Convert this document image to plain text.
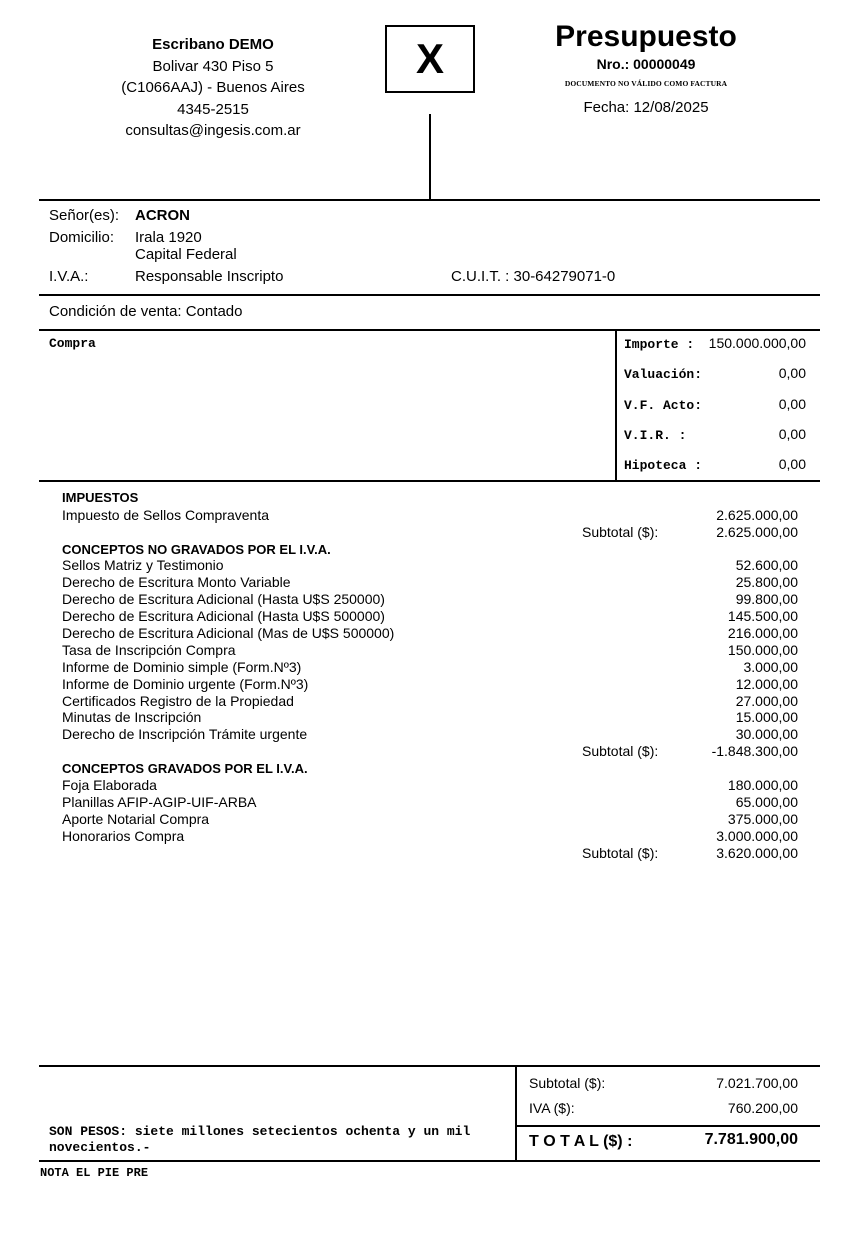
Escribano DEMO
Bolivar 430 Piso 5
(C1066AAJ) - Buenos Aires
4345-2515
consultas@ingesis.com.ar
X	Presupuesto
Nro.: 00000049
DOCUMENTO NO VÁLIDO COMO FACTURA
Fecha: 12/08/2025
Señor(es): ACRON
Domicilio: Irala 1920
Capital Federal
I.V.A.:	Responsable Inscripto	C.U.I.T. : 30-64279071-0
Condición de venta: Contado
Compra	Importe : 150.000.000,00
Valuación:	0,00
V.F. Acto:	0,00
V.I.R. :	0,00
Hipoteca :	0,00
IMPUESTOS
Impuesto de Sellos Compraventa	2.625.000,00
Subtotal ($):	2.625.000,00
CONCEPTOS NO GRAVADOS POR EL I.V.A.
Sellos Matriz y Testimonio	52.600,00
Derecho de Escritura Monto Variable	25.800,00
Derecho de Escritura Adicional (Hasta U$S 250000)	99.800,00
Derecho de Escritura Adicional (Hasta U$S 500000)	145.500,00
Derecho de Escritura Adicional (Mas de U$S 500000)	216.000,00
Tasa de Inscripción Compra	150.000,00
Informe de Dominio simple (Form.Nº3)	3.000,00
Informe de Dominio urgente (Form.Nº3)	12.000,00
Certificados Registro de la Propiedad	27.000,00
Minutas de Inscripción	15.000,00
Derecho de Inscripción Trámite urgente	30.000,00
Subtotal ($):	-1.848.300,00
CONCEPTOS GRAVADOS POR EL I.V.A.
Foja Elaborada	180.000,00
Planillas AFIP-AGIP-UIF-ARBA	65.000,00
Aporte Notarial Compra	375.000,00
Honorarios Compra	3.000.000,00
Subtotal ($):	3.620.000,00
SON PESOS: siete millones setecientos ochenta y un mil novecientos.-
Subtotal ($):	7.021.700,00
IVA ($):	760.200,00
T O T A L ($) :	7.781.900,00
NOTA EL PIE PRE
